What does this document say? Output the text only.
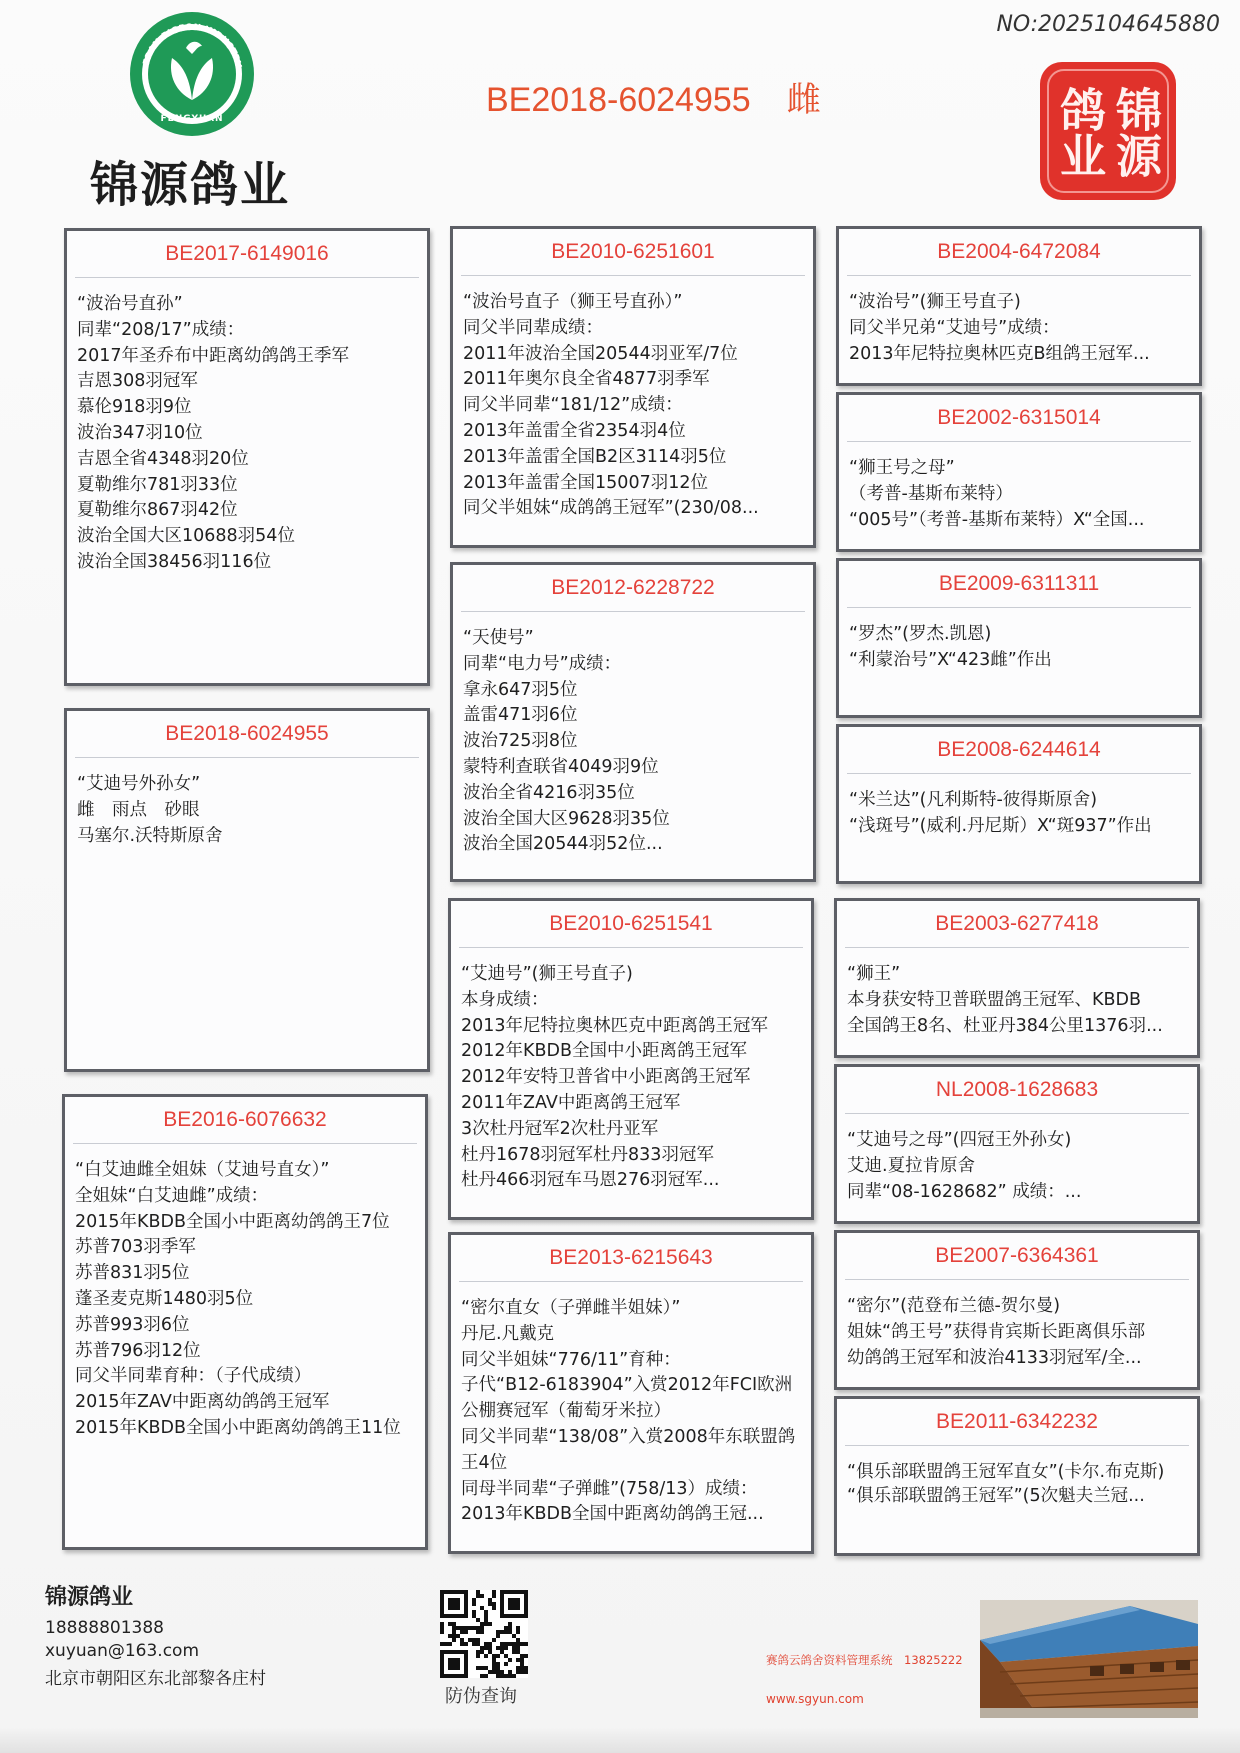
NO:2025104645880
FRAN PIGEON INDUSTRY
FENGYUAN
锦源鸽业
BE2018-6024955 雌	锦源鸽业
BE2017-6149016
“波治号直孙”
同辈“208/17”成绩：
2017年圣乔布中距离幼鸽鸽王季军
吉恩308羽冠军
慕伦918羽9位
波治347羽10位
吉恩全省4348羽20位
夏勒维尔781羽33位
夏勒维尔867羽42位
波治全国大区10688羽54位
波治全国38456羽116位
BE2018-6024955
“艾迪号外孙女”
雌　雨点　砂眼
马塞尔.沃特斯原舍
BE2016-6076632
“白艾迪雌全姐妹（艾迪号直女）”
全姐妹“白艾迪雌”成绩：
2015年KBDB全国小中距离幼鸽鸽王7位
苏普703羽季军
苏普831羽5位
蓬圣麦克斯1480羽5位
苏普993羽6位
苏普796羽12位
同父半同辈育种：（子代成绩）
2015年ZAV中距离幼鸽鸽王冠军
2015年KBDB全国小中距离幼鸽鸽王11位
BE2010-6251601
“波治号直子（狮王号直孙）”
同父半同辈成绩：
2011年波治全国20544羽亚军/7位
2011年奥尔良全省4877羽季军
同父半同辈“181/12”成绩：
2013年盖雷全省2354羽4位
2013年盖雷全国B2区3114羽5位
2013年盖雷全国15007羽12位
同父半姐妹“成鸽鸽王冠军”(230/08...
BE2012-6228722
“天使号”
同辈“电力号”成绩：
拿永647羽5位
盖雷471羽6位
波治725羽8位
蒙特利查联省4049羽9位
波治全省4216羽35位
波治全国大区9628羽35位
波治全国20544羽52位...
BE2010-6251541
“艾迪号”(狮王号直子)
本身成绩：
2013年尼特拉奥林匹克中距离鸽王冠军
2012年KBDB全国中小距离鸽王冠军
2012年安特卫普省中小距离鸽王冠军
2011年ZAV中距离鸽王冠军
3次杜丹冠军2次杜丹亚军
杜丹1678羽冠军杜丹833羽冠军
杜丹466羽冠车马恩276羽冠军...
BE2013-6215643
“密尔直女（子弹雌半姐妹）”
丹尼.凡戴克
同父半姐妹“776/11”育种：
子代“B12-6183904”入赏2012年FCI欧洲公棚赛冠军（葡萄牙米拉）
同父半同辈“138/08”入赏2008年东联盟鸽王4位
同母半同辈“子弹雌”(758/13）成绩：
2013年KBDB全国中距离幼鸽鸽王冠...
BE2004-6472084
“波治号”(狮王号直子)
同父半兄弟“艾迪号”成绩：
2013年尼特拉奥林匹克B组鸽王冠军...
BE2002-6315014
“狮王号之母”
（考普-基斯布莱特）
“005号”（考普-基斯布莱特）X“全国...
BE2009-6311311
“罗杰”(罗杰.凯恩)
“利蒙治号”X“423雌”作出
BE2008-6244614
“米兰达”(凡利斯特-彼得斯原舍)
“浅斑号”(威利.丹尼斯）X“斑937”作出
BE2003-6277418
“狮王”
本身获安特卫普联盟鸽王冠军、KBDB
全国鸽王8名、杜亚丹384公里1376羽...
NL2008-1628683
“艾迪号之母”(四冠王外孙女)
艾迪.夏拉肯原舍
同辈“08-1628682” 成绩：...
BE2007-6364361
“密尔”(范登布兰德-贺尔曼)
姐妹“鸽王号”获得肯宾斯长距离俱乐部
幼鸽鸽王冠军和波治4133羽冠军/全...
BE2011-6342232
“俱乐部联盟鸽王冠军直女”(卡尔.布克斯)
“俱乐部联盟鸽王冠军”(5次魁夫兰冠...
锦源鸽业
18888801388
xuyuan@163.com
北京市朝阳区东北部黎各庄村
防伪查询
赛鸽云鸽舍资料管理系统　13825222
www.sgyun.com
